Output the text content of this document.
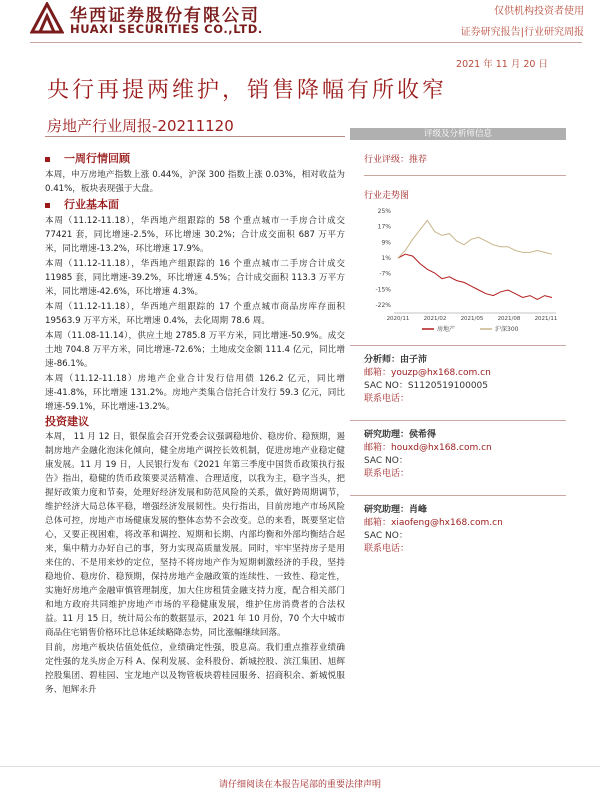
华西证券股份有限公司
HUAXI SECURITIES CO.,LTD.
仅供机构投资者使用
证券研究报告|行业研究周报
2021 年 11 月 20 日
央行再提两维护，销售降幅有所收窄
房地产行业周报-20211120
一周行情回顾

本周，申万房地产指数上涨 0.44%，沪深 300 指数上涨 0.03%，相对收益为 0.41%，板块表现强于大盘。

行业基本面

本周（11.12-11.18），华西地产组跟踪的 58 个重点城市一手房合计成交 77421 套，同比增速-2.5%，环比增速 30.2%；合计成交面积 687 万平方米，同比增速-13.2%，环比增速 17.9%。

本周（11.12-11.18），华西地产组跟踪的 16 个重点城市二手房合计成交 11985 套，同比增速-39.2%，环比增速 4.5%；合计成交面积 113.3 万平方米，同比增速-42.6%，环比增速 4.3%。

本周（11.12-11.18），华西地产组跟踪的 17 个重点城市商品房库存面积 19563.9 万平方米，环比增速 0.4%，去化周期 78.6 周。

本周（11.08-11.14），供应土地 2785.8 万平方米，同比增速-50.9%。成交土地 704.8 万平方米，同比增速-72.6%；土地成交金额 111.4 亿元，同比增速-86.1%。

本周（11.12-11.18）房地产企业合计发行信用债 126.2 亿元，同比增速-41.8%，环比增速 131.2%。房地产类集合信托合计发行 59.3 亿元，同比增速-59.1%，环比增速-13.2%。

投资建议

本周， 11 月 12 日，银保监会召开党委会议强调稳地价、稳房价、稳预期，遏制房地产金融化泡沫化倾向，健全房地产调控长效机制，促进房地产业稳定健康发展。11 月 19 日，人民银行发布《2021 年第三季度中国货币政策执行报告》指出，稳健的货币政策要灵活精准、合理适度，以我为主，稳字当头，把握好政策力度和节奏，处理好经济发展和防范风险的关系，做好跨周期调节，维护经济大局总体平稳，增强经济发展韧性。央行指出，目前房地产市场风险总体可控，房地产市场健康发展的整体态势不会改变。总的来看，既要坚定信心，又要正视困难，将改革和调控、短期和长期、内部均衡和外部均衡结合起来，集中精力办好自己的事，努力实现高质量发展。同时，牢牢坚持房子是用来住的、不是用来炒的定位，坚持不将房地产作为短期刺激经济的手段，坚持稳地价、稳房价、稳预期，保持房地产金融政策的连续性、一致性、稳定性，实施好房地产金融审慎管理制度，加大住房租赁金融支持力度，配合相关部门和地方政府共同维护房地产市场的平稳健康发展，维护住房消费者的合法权益。11 月 15 日，统计局公布的数据显示，2021 年 10 月份，70 个大中城市商品住宅销售价格环比总体延续略降态势，同比涨幅继续回落。

目前，房地产板块估值处低位，业绩确定性强，股息高。我们重点推荐业绩确定性强的龙头房企万科 A、保利发展、金科股份、新城控股、滨江集团、旭辉控股集团、碧桂园、宝龙地产以及物管板块碧桂园服务、招商积余、新城悦服务、旭辉永升

评级及分析师信息
行业评级：推荐
行业走势图
25%
17%
9%
1%
-7%
-15%
-22%
2020/11	2021/02	2021/05	2021/08	2021/11
房地产	沪深300
分析师：由子沛
邮箱：youzp@hx168.com.cn
SAC NO：S1120519100005
联系电话：
研究助理：侯希得
邮箱：houxd@hx168.com.cn
SAC NO：
联系电话：
研究助理：肖峰
邮箱：xiaofeng@hx168.com.cn
SAC NO：
联系电话：
请仔细阅读在本报告尾部的重要法律声明
